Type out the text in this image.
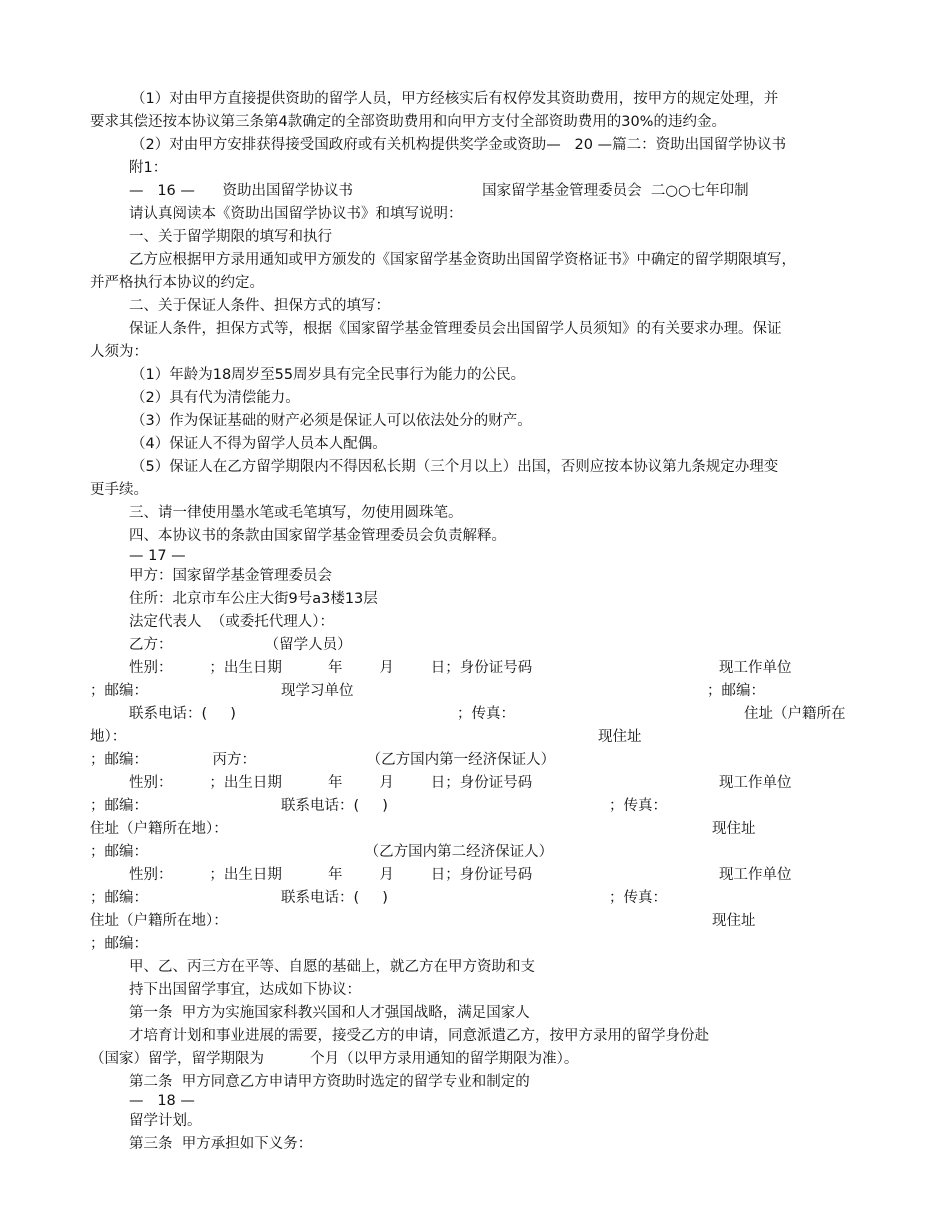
（1）对由甲方直接提供资助的留学人员，甲方经核实后有权停发其资助费用，按甲方的规定处理，并
要求其偿还按本协议第三条第4款确定的全部资助费用和向甲方支付全部资助费用的30%的违约金。
（2）对由甲方安排获得接受国政府或有关机构提供奖学金或资助—   20 —篇二：资助出国留学协议书
附1：
—   16 —      资助出国留学协议书                            国家留学基金管理委员会  二○○七年印制
请认真阅读本《资助出国留学协议书》和填写说明：
一、关于留学期限的填写和执行
乙方应根据甲方录用通知或甲方颁发的《国家留学基金资助出国留学资格证书》中确定的留学期限填写，
并严格执行本协议的约定。
二、关于保证人条件、担保方式的填写：
保证人条件，担保方式等，根据《国家留学基金管理委员会出国留学人员须知》的有关要求办理。保证
人须为：
（1）年龄为18周岁至55周岁具有完全民事行为能力的公民。
（2）具有代为清偿能力。
（3）作为保证基础的财产必须是保证人可以依法处分的财产。
（4）保证人不得为留学人员本人配偶。
（5）保证人在乙方留学期限内不得因私长期（三个月以上）出国，否则应按本协议第九条规定办理变
更手续。
三、请一律使用墨水笔或毛笔填写，勿使用圆珠笔。
四、本协议书的条款由国家留学基金管理委员会负责解释。
— 17 —
甲方：国家留学基金管理委员会
住所：北京市车公庄大街9号a3楼13层
法定代表人  （或委托代理人）：
乙方：                    （留学人员）
性别：        ；出生日期          年        月        日；身份证号码	现工作单位
；邮编：	现学习单位	；邮编：
联系电话：(     )	；传真：	住址（户籍所在
地）：	现住址
；邮编：              丙方：                        （乙方国内第一经济保证人）
性别：        ；出生日期          年        月        日；身份证号码	现工作单位
；邮编：	联系电话：(     )	；传真：
住址（户籍所在地）：	现住址
；邮编：                                               （乙方国内第二经济保证人）
性别：        ；出生日期          年        月        日；身份证号码	现工作单位
；邮编：	联系电话：(     )	；传真：
住址（户籍所在地）：	现住址
；邮编：
甲、乙、丙三方在平等、自愿的基础上，就乙方在甲方资助和支
持下出国留学事宜，达成如下协议：
第一条  甲方为实施国家科教兴国和人才强国战略，满足国家人
才培育计划和事业进展的需要，接受乙方的申请，同意派遣乙方，按甲方录用的留学身份赴
（国家）留学，留学期限为          个月（以甲方录用通知的留学期限为准）。
第二条  甲方同意乙方申请甲方资助时选定的留学专业和制定的
—   18 —
留学计划。
第三条  甲方承担如下义务：
